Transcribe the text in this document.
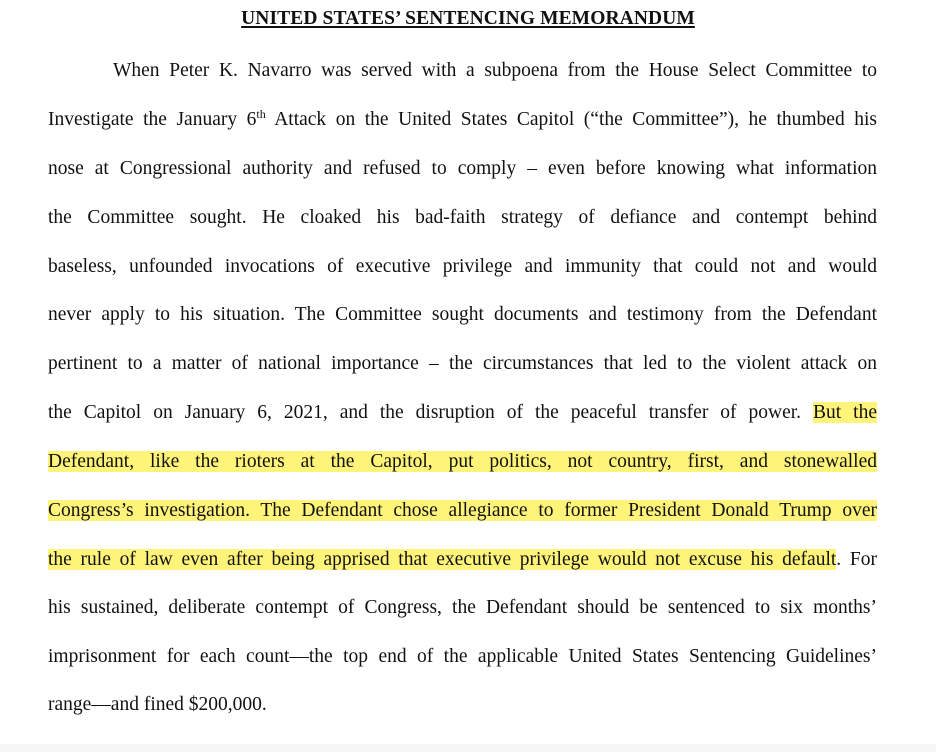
UNITED STATES’ SENTENCING MEMORANDUM
When Peter K. Navarro was served with a subpoena from the House Select Committee to
Investigate the January 6th Attack on the United States Capitol (“the Committee”), he thumbed his
nose at Congressional authority and refused to comply – even before knowing what information
the Committee sought. He cloaked his bad-faith strategy of defiance and contempt behind
baseless, unfounded invocations of executive privilege and immunity that could not and would
never apply to his situation. The Committee sought documents and testimony from the Defendant
pertinent to a matter of national importance – the circumstances that led to the violent attack on
the Capitol on January 6, 2021, and the disruption of the peaceful transfer of power. But the
Defendant, like the rioters at the Capitol, put politics, not country, first, and stonewalled
Congress’s investigation. The Defendant chose allegiance to former President Donald Trump over
the rule of law even after being apprised that executive privilege would not excuse his default. For
his sustained, deliberate contempt of Congress, the Defendant should be sentenced to six months’
imprisonment for each count—the top end of the applicable United States Sentencing Guidelines’
range—and fined $200,000.
